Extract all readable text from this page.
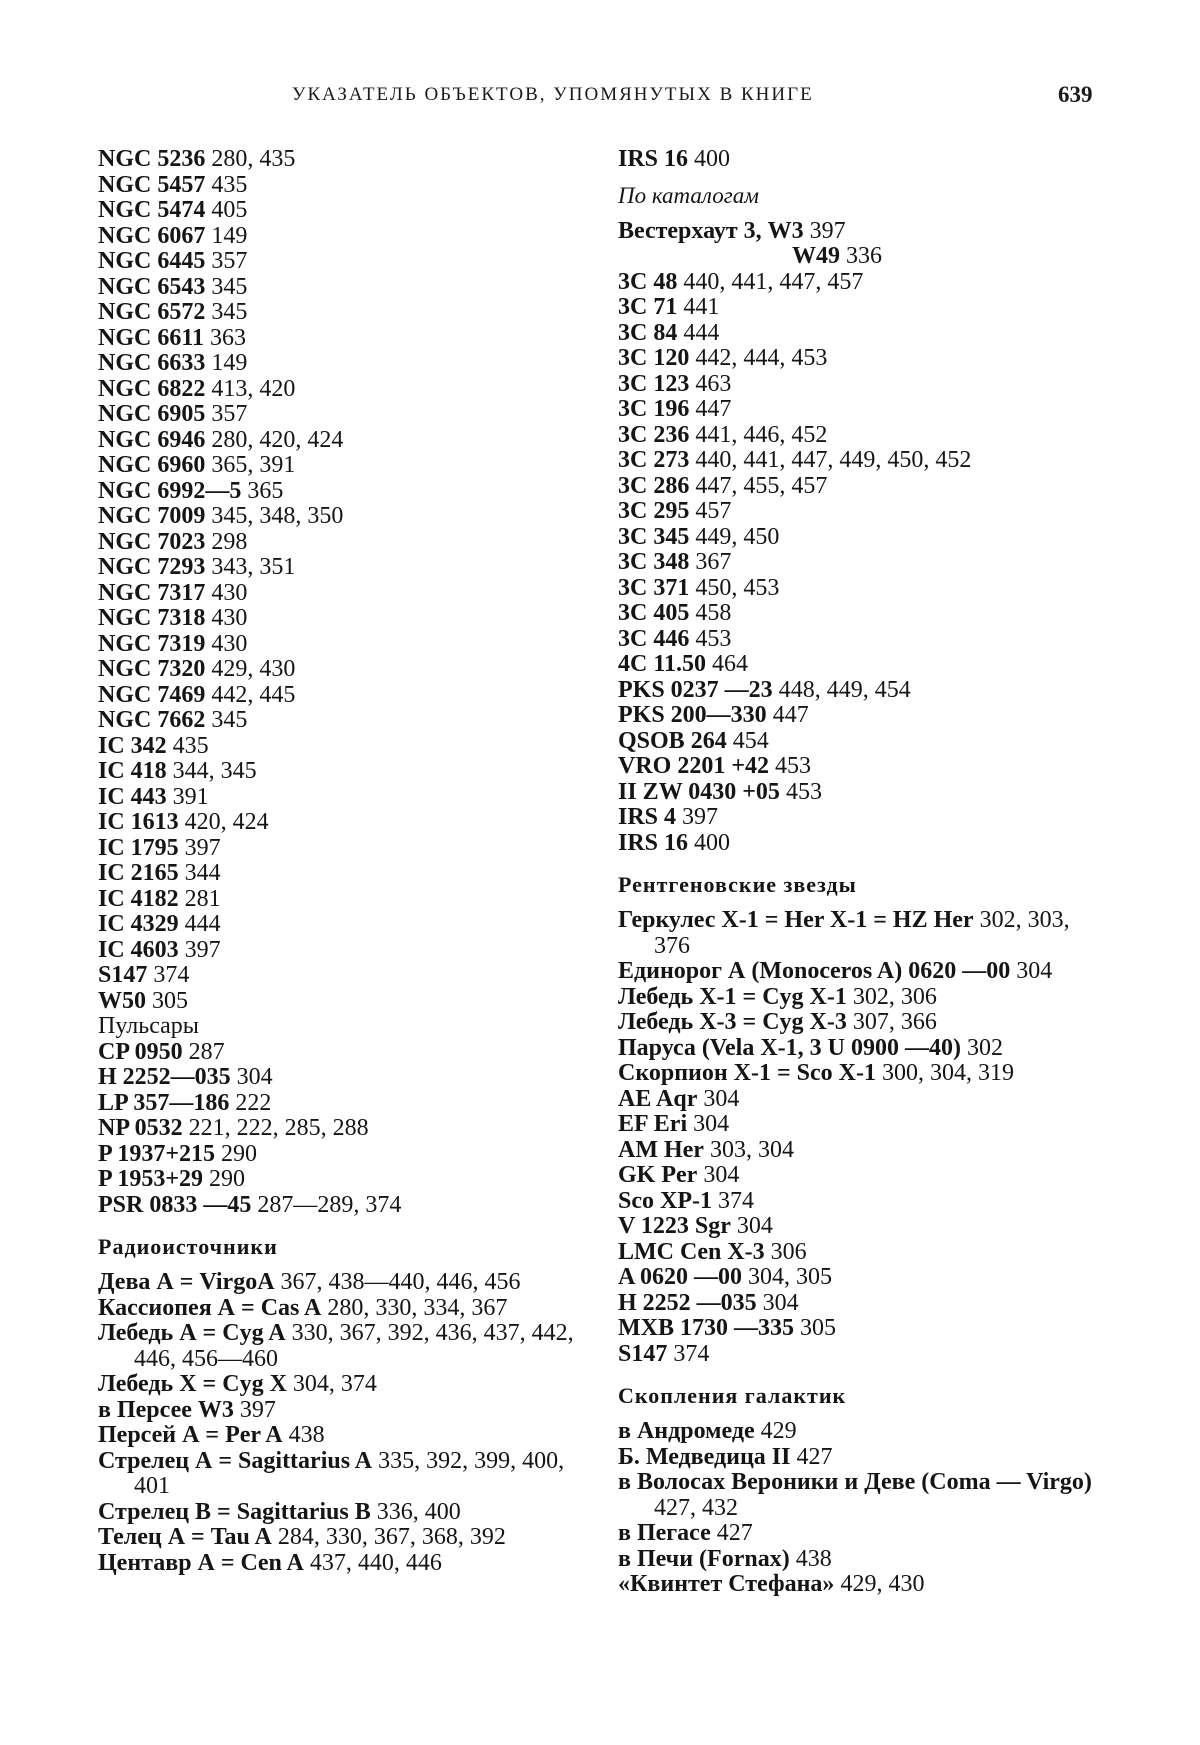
УКАЗАТЕЛЬ ОБЪЕКТОВ, УПОМЯНУТЫХ В КНИГЕ	639
NGC 5236 280, 435
NGC 5457 435
NGC 5474 405
NGC 6067 149
NGC 6445 357
NGC 6543 345
NGC 6572 345
NGC 6611 363
NGC 6633 149
NGC 6822 413, 420
NGC 6905 357
NGC 6946 280, 420, 424
NGC 6960 365, 391
NGC 6992—5 365
NGC 7009 345, 348, 350
NGC 7023 298
NGC 7293 343, 351
NGC 7317 430
NGC 7318 430
NGC 7319 430
NGC 7320 429, 430
NGC 7469 442, 445
NGC 7662 345
IC 342 435
IC 418 344, 345
IC 443 391
IC 1613 420, 424
IC 1795 397
IC 2165 344
IC 4182 281
IC 4329 444
IC 4603 397
S147 374
W50 305
Пульсары
CP 0950 287
H 2252—035 304
LP 357—186 222
NP 0532 221, 222, 285, 288
P 1937+215 290
P 1953+29 290
PSR 0833 —45 287—289, 374
Радиоисточники
Дева А = VirgoA 367, 438—440, 446, 456
Кассиопея А = Cas A 280, 330, 334, 367
Лебедь А = Cyg A 330, 367, 392, 436, 437, 442, 446, 456—460
Лебедь X = Cyg X 304, 374
в Персее W3 397
Персей А = Per A 438
Стрелец А = Sagittarius A 335, 392, 399, 400, 401
Стрелец B = Sagittarius B 336, 400
Телец А = Tau A 284, 330, 367, 368, 392
Центавр А = Cen A 437, 440, 446
IRS 16 400
По каталогам
Вестерхаут 3, W3 397
W49 336
3C 48 440, 441, 447, 457
3C 71 441
3C 84 444
3C 120 442, 444, 453
3C 123 463
3C 196 447
3C 236 441, 446, 452
3C 273 440, 441, 447, 449, 450, 452
3C 286 447, 455, 457
3C 295 457
3C 345 449, 450
3C 348 367
3C 371 450, 453
3C 405 458
3C 446 453
4C 11.50 464
PKS 0237 —23 448, 449, 454
PKS 200—330 447
QSOB 264 454
VRO 2201 +42 453
II ZW 0430 +05 453
IRS 4 397
IRS 16 400
Рентгеновские звезды
Геркулес X-1 = Her X-1 = HZ Her 302, 303, 376
Единорог А (Monoceros A) 0620 —00 304
Лебедь X-1 = Cyg X-1 302, 306
Лебедь X-3 = Cyg X-3 307, 366
Паруса (Vela X-1, 3 U 0900 —40) 302
Скорпион X-1 = Sco X-1 300, 304, 319
AE Aqr 304
EF Eri 304
AM Her 303, 304
GK Per 304
Sco XP-1 374
V 1223 Sgr 304
LMC Cen X-3 306
A 0620 —00 304, 305
H 2252 —035 304
MXB 1730 —335 305
S147 374
Скопления галактик
в Андромеде 429
Б. Медведица II 427
в Волосах Вероники и Деве (Coma — Virgo) 427, 432
в Пегасе 427
в Печи (Fornax) 438
«Квинтет Стефана» 429, 430
